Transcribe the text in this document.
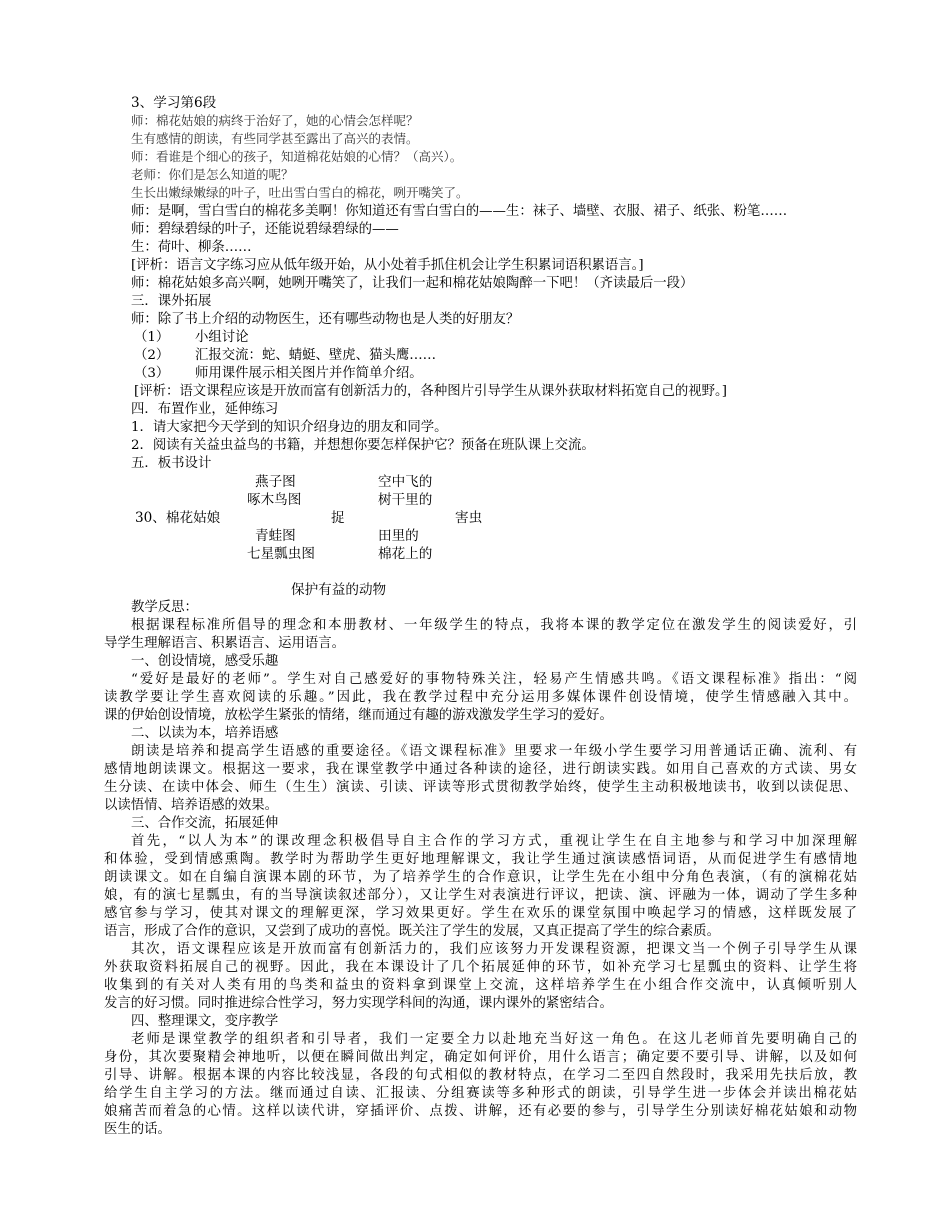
3、学习第6段
师：棉花姑娘的病终于治好了，她的心情会怎样呢？
生有感情的朗读，有些同学甚至露出了高兴的表情。
师：看谁是个细心的孩子，知道棉花姑娘的心情？（高兴）。
老师：你们是怎么知道的呢？
生长出嫩绿嫩绿的叶子，吐出雪白雪白的棉花，咧开嘴笑了。
师：是啊，雪白雪白的棉花多美啊！你知道还有雪白雪白的——生：袜子、墙壁、衣服、裙子、纸张、粉笔……
师：碧绿碧绿的叶子，还能说碧绿碧绿的——
生：荷叶、柳条……
[评析：语言文字练习应从低年级开始，从小处着手抓住机会让学生积累词语积累语言。]
师：棉花姑娘多高兴啊，她咧开嘴笑了，让我们一起和棉花姑娘陶醉一下吧！（齐读最后一段）
三．课外拓展
师：除了书上介绍的动物医生，还有哪些动物也是人类的好朋友？
（1） 小组讨论
（2） 汇报交流：蛇、蜻蜓、壁虎、猫头鹰……
（3） 师用课件展示相关图片并作简单介绍。
[评析：语文课程应该是开放而富有创新活力的，各种图片引导学生从课外获取材料拓宽自己的视野。]
四．布置作业，延伸练习
1．请大家把今天学到的知识介绍身边的朋友和同学。
2．阅读有关益虫益鸟的书籍，并想想你要怎样保护它？预备在班队课上交流。
五．板书设计
燕子图
啄木鸟图
青蛙图
七星瓢虫图
30、棉花姑娘	捉
空中飞的
树干里的
田里的
棉花上的
害虫
保护有益的动物
教学反思：
根据课程标准所倡导的理念和本册教材、一年级学生的特点，我将本课的教学定位在激发学生的阅读爱好，引
导学生理解语言、积累语言、运用语言。
一、创设情境，感受乐趣
“爱好是最好的老师”。学生对自己感爱好的事物特殊关注，轻易产生情感共鸣。《语文课程标准》指出：“阅
读教学要让学生喜欢阅读的乐趣。”因此，我在教学过程中充分运用多媒体课件创设情境，使学生情感融入其中。
课的伊始创设情境，放松学生紧张的情绪，继而通过有趣的游戏激发学生学习的爱好。
二、以读为本，培养语感
朗读是培养和提高学生语感的重要途径。《语文课程标准》里要求一年级小学生要学习用普通话正确、流利、有
感情地朗读课文。根据这一要求，我在课堂教学中通过各种读的途径，进行朗读实践。如用自己喜欢的方式读、男女
生分读、在读中体会、师生（生生）演读、引读、评读等形式贯彻教学始终，使学生主动积极地读书，收到以读促思、
以读悟情、培养语感的效果。
三、合作交流，拓展延伸
首先，“以人为本”的课改理念积极倡导自主合作的学习方式，重视让学生在自主地参与和学习中加深理解
和体验，受到情感熏陶。教学时为帮助学生更好地理解课文，我让学生通过演读感悟词语，从而促进学生有感情地
朗读课文。如在自编自演课本剧的环节，为了培养学生的合作意识，让学生先在小组中分角色表演，（有的演棉花姑
娘，有的演七星瓢虫，有的当导演读叙述部分），又让学生对表演进行评议，把读、演、评融为一体，调动了学生多种
感官参与学习，使其对课文的理解更深，学习效果更好。学生在欢乐的课堂氛围中唤起学习的情感，这样既发展了
语言，形成了合作的意识，又尝到了成功的喜悦。既关注了学生的发展，又真正提高了学生的综合素质。
其次，语文课程应该是开放而富有创新活力的，我们应该努力开发课程资源，把课文当一个例子引导学生从课
外获取资料拓展自己的视野。因此，我在本课设计了几个拓展延伸的环节，如补充学习七星瓢虫的资料、让学生将
收集到的有关对人类有用的鸟类和益虫的资料拿到课堂上交流，这样培养学生在小组合作交流中，认真倾听别人
发言的好习惯。同时推进综合性学习，努力实现学科间的沟通，课内课外的紧密结合。
四、整理课文，变序教学
老师是课堂教学的组织者和引导者，我们一定要全力以赴地充当好这一角色。在这儿老师首先要明确自己的
身份，其次要聚精会神地听，以便在瞬间做出判定，确定如何评价，用什么语言；确定要不要引导、讲解，以及如何
引导、讲解。根据本课的内容比较浅显，各段的句式相似的教材特点，在学习二至四自然段时，我采用先扶后放，教
给学生自主学习的方法。继而通过自读、汇报读、分组赛读等多种形式的朗读，引导学生进一步体会并读出棉花姑
娘痛苦而着急的心情。这样以读代讲，穿插评价、点拨、讲解，还有必要的参与，引导学生分别读好棉花姑娘和动物
医生的话。
